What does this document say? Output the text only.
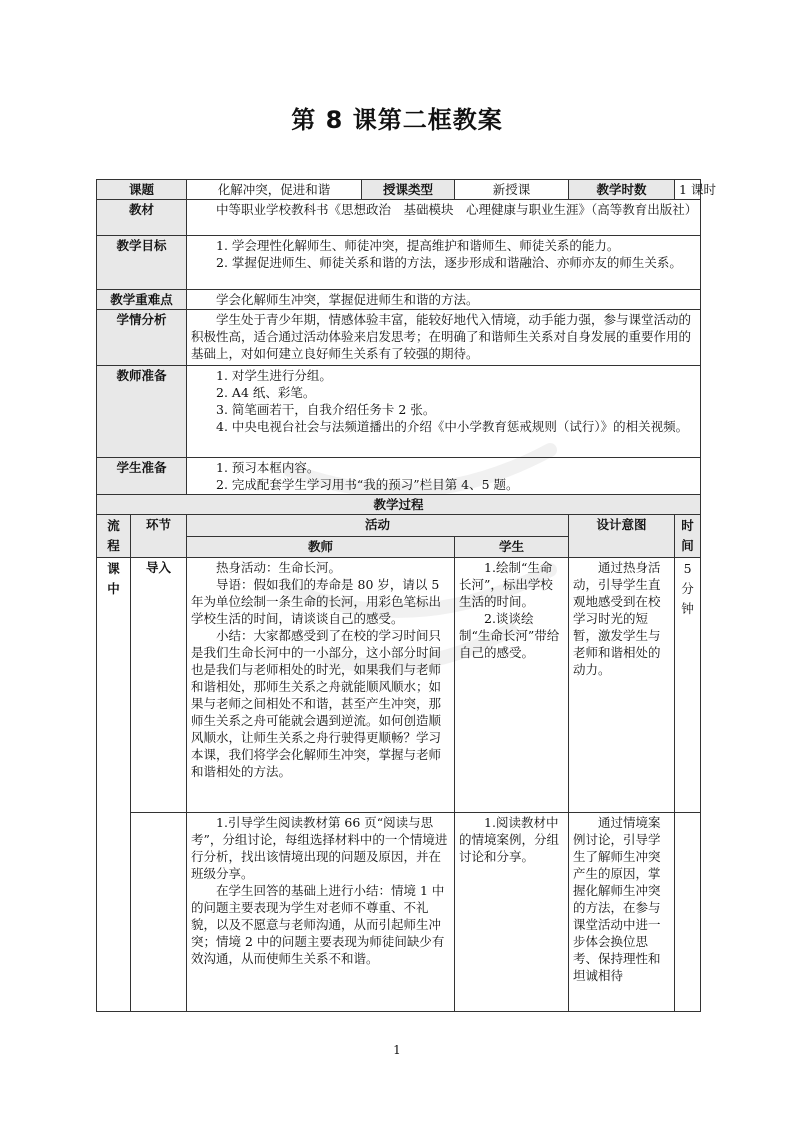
第 8 课第二框教案
课题		化解冲突，促进和谐	授课类型	新授课	教学时数	1 课时
教材		中等职业学校教科书《思想政治　基础模块　心理健康与职业生涯》（高等教育出版社）				
教学目标		1. 学会理性化解师生、师徒冲突，提高维护和谐师生、师徒关系的能力。
2. 掌握促进师生、师徒关系和谐的方法，逐步形成和谐融洽、亦师亦友的师生关系。				

教学重难点		学会化解师生冲突，掌握促进师生和谐的方法。				
学情分析		学生处于青少年期，情感体验丰富，能较好地代入情境，动手能力强，参与课堂活动的积极性高，适合通过活动体验来启发思考；在明确了和谐师生关系对自身发展的重要作用的基础上，对如何建立良好师生关系有了较强的期待。				
教师准备		1. 对学生进行分组。
2. A4 纸、彩笔。
3. 简笔画若干，自我介绍任务卡 2 张。
4. 中央电视台社会与法频道播出的介绍《中小学教育惩戒规则（试行）》的相关视频。				

学生准备		1. 预习本框内容。
2. 完成配套学生学习用书“我的预习”栏目第 4、5 题。				

教学过程						

流程	环节	活动			设计意图	时间

		教师		学生		

课中	导入	热身活动：生命长河。
导语：假如我们的寿命是 80 岁，请以 5 年为单位绘制一条生命的长河，用彩色笔标出学校生活的时间，请谈谈自己的感受。
小结：大家都感受到了在校的学习时间只是我们生命长河中的一小部分，这小部分时间也是我们与老师相处的时光，如果我们与老师和谐相处，那师生关系之舟就能顺风顺水；如果与老师之间相处不和谐，甚至产生冲突，那师生关系之舟可能就会遇到逆流。如何创造顺风顺水，让师生关系之舟行驶得更顺畅？学习本课，我们将学会化解师生冲突，掌握与老师和谐相处的方法。		1.绘制“生命长河”，标出学校生活的时间。
2.谈谈绘制“生命长河”带给自己的感受。	通过热身活动，引导学生直观地感受到在校学习时光的短暂，激发学生与老师和谐相处的动力。	5 分钟

		1.引导学生阅读教材第 66 页“阅读与思考”，分组讨论，每组选择材料中的一个情境进行分析，找出该情境出现的问题及原因，并在班级分享。
在学生回答的基础上进行小结：情境 1 中的问题主要表现为学生对老师不尊重、不礼貌，以及不愿意与老师沟通，从而引起师生冲突；情境 2 中的问题主要表现为师徒间缺少有效沟通，从而使师生关系不和谐。		1.阅读教材中的情境案例，分组讨论和分享。	通过情境案例讨论，引导学生了解师生冲突产生的原因，掌握化解师生冲突的方法，在参与课堂活动中进一步体会换位思考、保持理性和坦诚相待	
1
